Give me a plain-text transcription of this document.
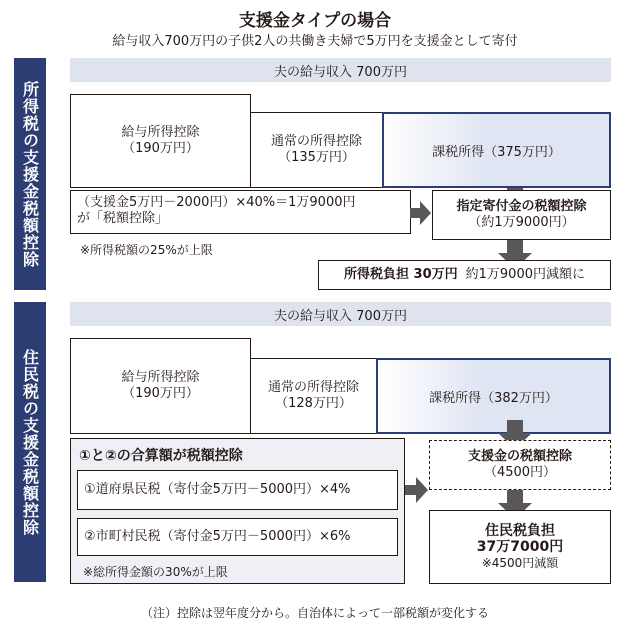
支援金タイプの場合
給与収入700万円の子供2人の共働き夫婦で5万円を支援金として寄付
所得税の支援金税額控除
夫の給与収入 700万円
給与所得控除
（190万円）	通常の所得控除
（135万円）	課税所得（375万円）
（支援金5万円－2000円）×40%＝1万9000円
が「税額控除」
指定寄付金の税額控除
（約1万9000円）
※所得税額の25%が上限
所得税負担 30万円 約1万9000円減額に
住民税の支援金税額控除
夫の給与収入 700万円
給与所得控除
（190万円）	通常の所得控除
（128万円）	課税所得（382万円）
①と②の合算額が税額控除
①道府県民税（寄付金5万円－5000円）×4%
②市町村民税（寄付金5万円－5000円）×6%
※総所得金額の30%が上限
支援金の税額控除
（4500円）
住民税負担
37万7000円
※4500円減額
（注）控除は翌年度分から。自治体によって一部税額が変化する
